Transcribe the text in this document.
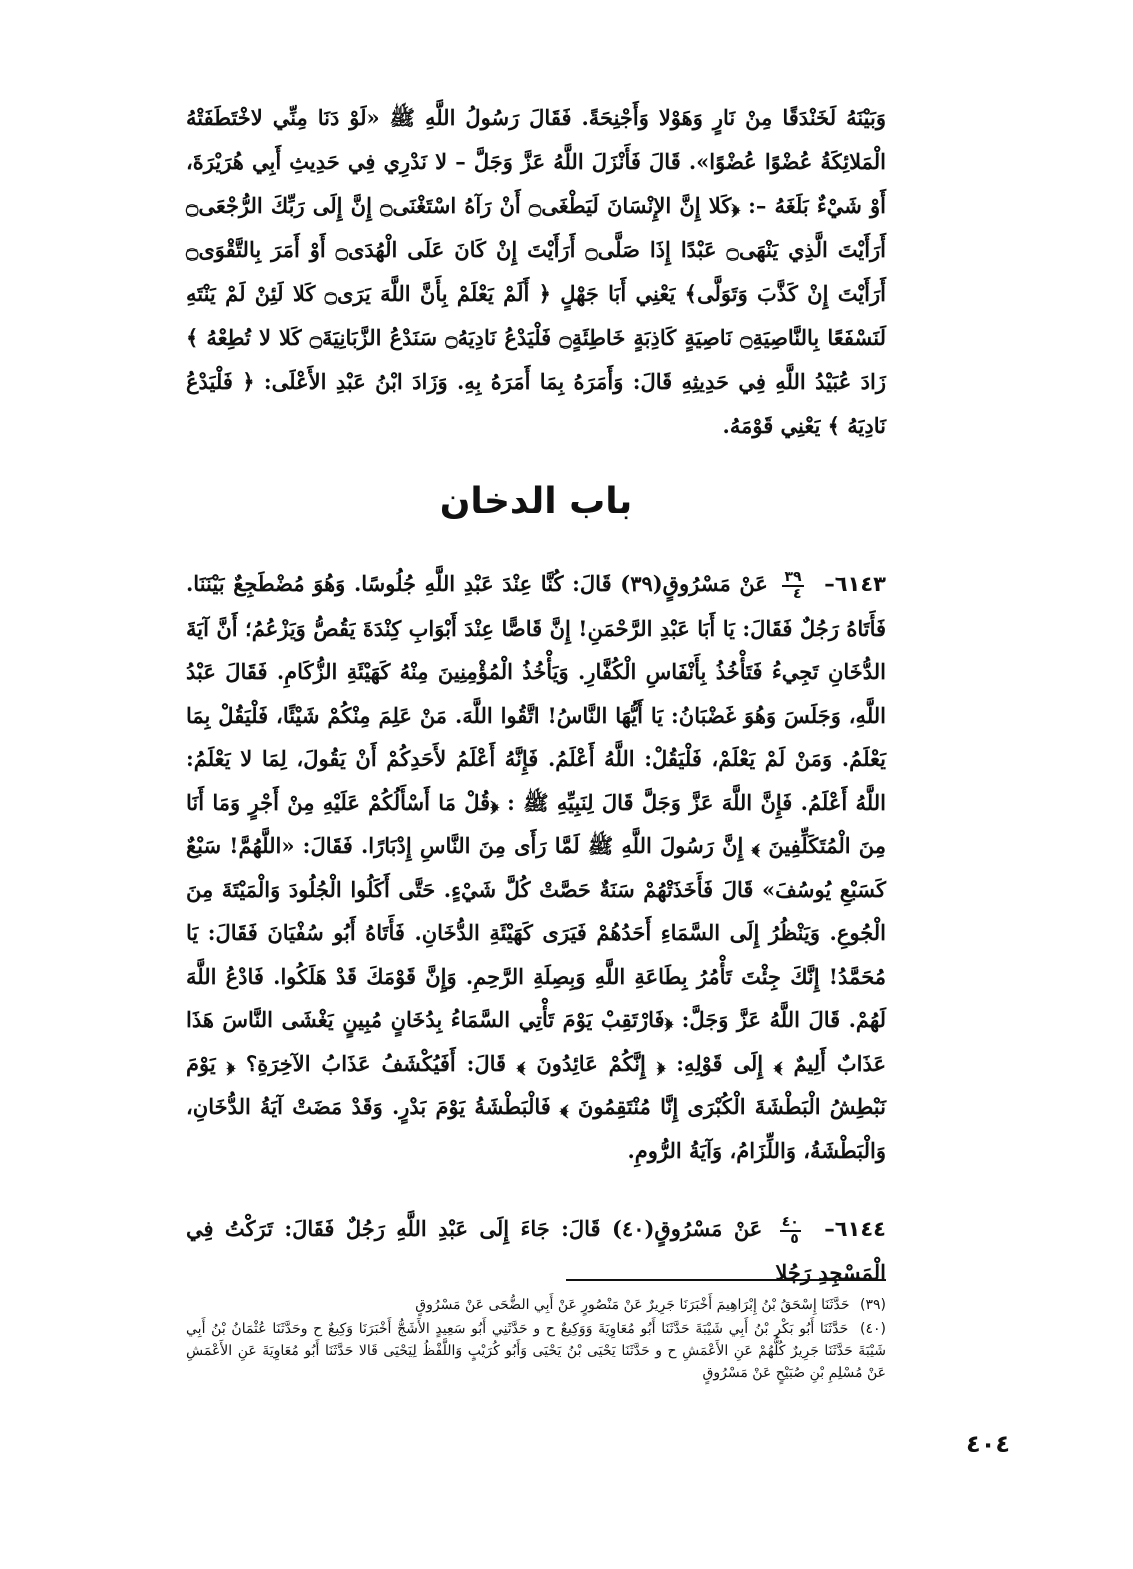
وَبَيْنَهُ لَخَنْدَقًا مِنْ نَارٍ وَهَوْلا وَأَجْنِحَةً. فَقَالَ رَسُولُ اللَّهِ ﷺ «لَوْ دَنَا مِنِّي لاخْتَطَفَتْهُ الْمَلائِكَةُ عُضْوًا عُضْوًا». قَالَ فَأَنْزَلَ اللَّهُ عَزَّ وَجَلَّ – لا نَدْرِي فِي حَدِيثِ أَبِي هُرَيْرَةَ، أَوْ شَيْءٌ بَلَغَهُ –: ﴿كَلا إِنَّ الإِنْسَانَ لَيَطْغَى۝ أَنْ رَآهُ اسْتَغْنَى۝ إِنَّ إِلَى رَبِّكَ الرُّجْعَى۝ أَرَأَيْتَ الَّذِي يَنْهَى۝ عَبْدًا إِذَا صَلَّى۝ أَرَأَيْتَ إِنْ كَانَ عَلَى الْهُدَى۝ أَوْ أَمَرَ بِالتَّقْوَى۝ أَرَأَيْتَ إِنْ كَذَّبَ وَتَوَلَّى﴾ يَعْنِي أَبَا جَهْلٍ ﴿ أَلَمْ يَعْلَمْ بِأَنَّ اللَّهَ يَرَى۝ كَلا لَئِنْ لَمْ يَنْتَهِ لَنَسْفَعًا بِالنَّاصِيَةِ۝ نَاصِيَةٍ كَاذِبَةٍ خَاطِئَةٍ۝ فَلْيَدْعُ نَادِيَهُ۝ سَنَدْعُ الزَّبَانِيَةَ۝ كَلا لا تُطِعْهُ ﴾ زَادَ عُبَيْدُ اللَّهِ فِي حَدِيثِهِ قَالَ: وَأَمَرَهُ بِمَا أَمَرَهُ بِهِ. وَزَادَ ابْنُ عَبْدِ الأَعْلَى: ﴿ فَلْيَدْعُ نَادِيَهُ ﴾ يَعْنِي قَوْمَهُ.

باب الدخان

٦١٤٣–
$\frac{٣٩}{٤}$
عَنْ مَسْرُوقٍ(٣٩) قَالَ: كُنَّا عِنْدَ عَبْدِ اللَّهِ جُلُوسًا. وَهُوَ مُضْطَجِعٌ بَيْنَنَا. فَأَتَاهُ رَجُلٌ فَقَالَ: يَا أَبَا عَبْدِ الرَّحْمَنِ! إِنَّ قَاصًّا عِنْدَ أَبْوَابِ كِنْدَةَ يَقُصُّ وَيَزْعُمُ؛ أَنَّ آيَةَ الدُّخَانِ تَجِيءُ فَتَأْخُذُ بِأَنْفَاسِ الْكُفَّارِ. وَيَأْخُذُ الْمُؤْمِنِينَ مِنْهُ كَهَيْئَةِ الزُّكَامِ. فَقَالَ عَبْدُ اللَّهِ، وَجَلَسَ وَهُوَ غَضْبَانُ: يَا أَيُّهَا النَّاسُ! اتَّقُوا اللَّهَ. مَنْ عَلِمَ مِنْكُمْ شَيْئًا، فَلْيَقُلْ بِمَا يَعْلَمُ. وَمَنْ لَمْ يَعْلَمْ، فَلْيَقُلْ: اللَّهُ أَعْلَمُ. فَإِنَّهُ أَعْلَمُ لأَحَدِكُمْ أَنْ يَقُولَ، لِمَا لا يَعْلَمُ: اللَّهُ أَعْلَمُ. فَإِنَّ اللَّهَ عَزَّ وَجَلَّ قَالَ لِنَبِيِّهِ ﷺ : ﴿قُلْ مَا أَسْأَلُكُمْ عَلَيْهِ مِنْ أَجْرٍ وَمَا أَنَا مِنَ الْمُتَكَلِّفِينَ ﴾ إِنَّ رَسُولَ اللَّهِ ﷺ لَمَّا رَأَى مِنَ النَّاسِ إِدْبَارًا. فَقَالَ: «اللَّهُمَّ! سَبْعٌ كَسَبْعِ يُوسُفَ» قَالَ فَأَخَذَتْهُمْ سَنَةٌ حَصَّتْ كُلَّ شَيْءٍ. حَتَّى أَكَلُوا الْجُلُودَ وَالْمَيْتَةَ مِنَ الْجُوعِ. وَيَنْظُرُ إِلَى السَّمَاءِ أَحَدُهُمْ فَيَرَى كَهَيْئَةِ الدُّخَانِ. فَأَتَاهُ أَبُو سُفْيَانَ فَقَالَ: يَا مُحَمَّدُ! إِنَّكَ جِئْتَ تَأْمُرُ بِطَاعَةِ اللَّهِ وَبِصِلَةِ الرَّحِمِ. وَإِنَّ قَوْمَكَ قَدْ هَلَكُوا. فَادْعُ اللَّهَ لَهُمْ. قَالَ اللَّهُ عَزَّ وَجَلَّ: ﴿فَارْتَقِبْ يَوْمَ تَأْتِي السَّمَاءُ بِدُخَانٍ مُبِينٍ يَغْشَى النَّاسَ هَذَا عَذَابٌ أَلِيمٌ ﴾ إِلَى قَوْلِهِ: ﴿ إِنَّكُمْ عَائِدُونَ ﴾ قَالَ: أَفَيُكْشَفُ عَذَابُ الآخِرَةِ؟ ﴿ يَوْمَ نَبْطِشُ الْبَطْشَةَ الْكُبْرَى إِنَّا مُنْتَقِمُونَ ﴾ فَالْبَطْشَةُ يَوْمَ بَدْرٍ. وَقَدْ مَضَتْ آيَةُ الدُّخَانِ، وَالْبَطْشَةُ، وَاللِّزَامُ، وَآيَةُ الرُّومِ.

٦١٤٤–
$\frac{٤٠}{٥}$
عَنْ مَسْرُوقٍ(٤٠) قَالَ: جَاءَ إِلَى عَبْدِ اللَّهِ رَجُلٌ فَقَالَ: تَرَكْتُ فِي الْمَسْجِدِ رَجُلا

(٣٩) حَدَّثَنَا إِسْحَقُ بْنُ إِبْرَاهِيمَ أَخْبَرَنَا جَرِيرٌ عَنْ مَنْصُورٍ عَنْ أَبِي الضُّحَى عَنْ مَسْرُوقٍ

(٤٠) حَدَّثَنَا أَبُو بَكْرِ بْنُ أَبِي شَيْبَةَ حَدَّثَنَا أَبُو مُعَاوِيَةَ وَوَكِيعٌ ح و حَدَّثَنِي أَبُو سَعِيدٍ الأَشَجُّ أَخْبَرَنَا وَكِيعٌ ح وحَدَّثَنَا عُثْمَانُ بْنُ أَبِي شَيْبَةَ حَدَّثَنَا جَرِيرٌ كُلُّهُمْ عَنِ الأَعْمَشِ ح و حَدَّثَنَا يَحْيَى بْنُ يَحْيَى وَأَبُو كُرَيْبٍ وَاللَّفْظُ لِيَحْيَى قَالا حَدَّثَنَا أَبُو مُعَاوِيَةَ عَنِ الأَعْمَشِ عَنْ مُسْلِمِ بْنِ صُبَيْحٍ عَنْ مَسْرُوقٍ

٤٠٤
